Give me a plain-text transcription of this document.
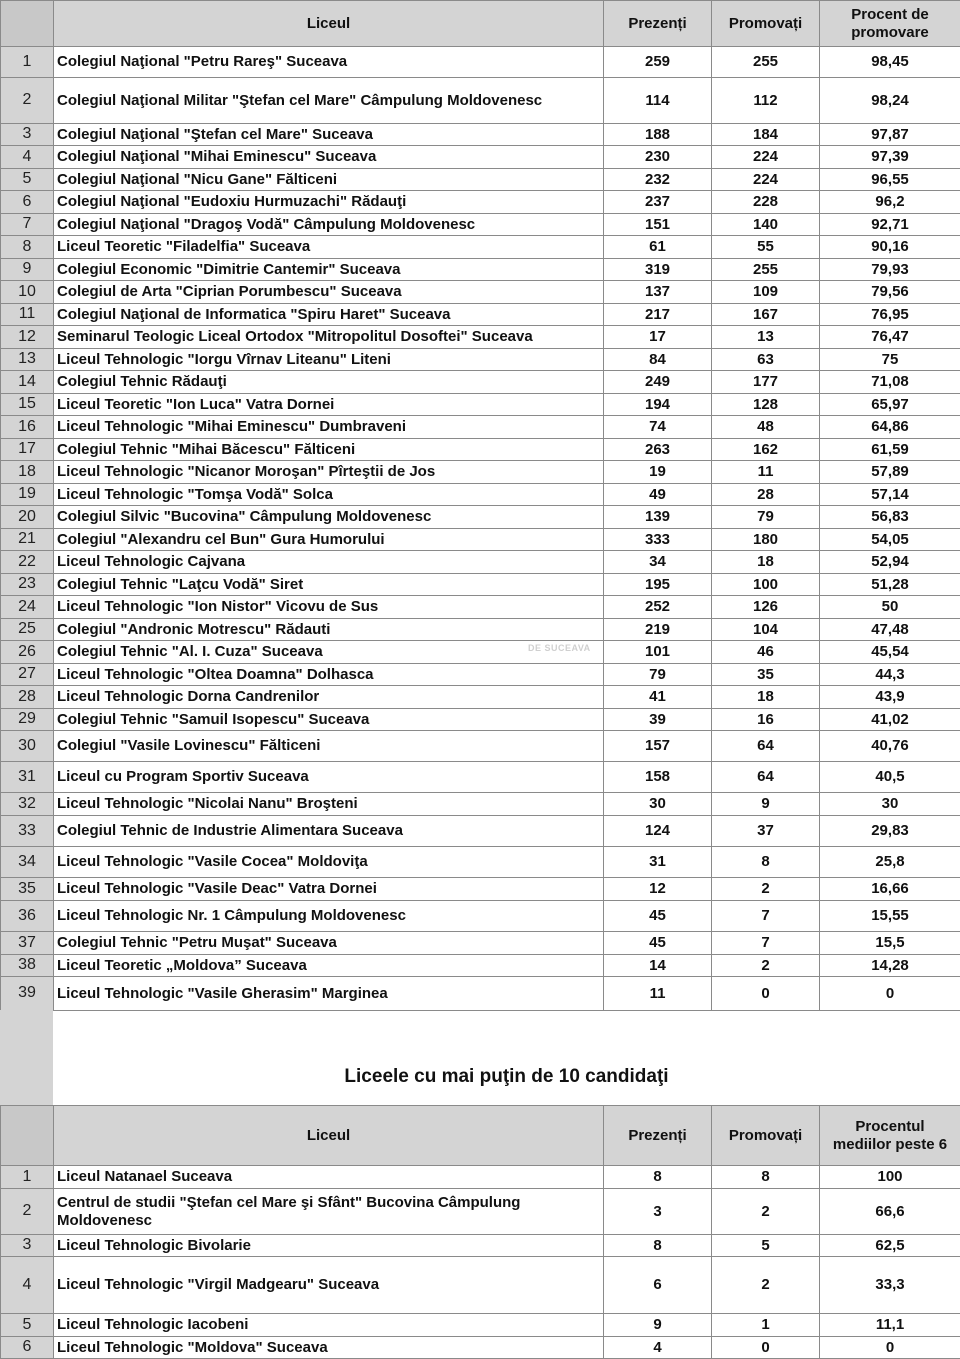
	Liceul	Prezenți	Promovați	Procent de
promovare
1	Colegiul Naţional "Petru Rareş" Suceava	259	255	98,45
2	Colegiul Naţional Militar "Ştefan cel Mare" Câmpulung Moldovenesc	114	112	98,24
3	Colegiul Naţional "Ştefan cel Mare" Suceava	188	184	97,87
4	Colegiul Naţional "Mihai Eminescu" Suceava	230	224	97,39
5	Colegiul Naţional "Nicu Gane" Fălticeni	232	224	96,55
6	Colegiul Naţional "Eudoxiu Hurmuzachi" Rădauţi	237	228	96,2
7	Colegiul Naţional "Dragoş Vodă" Câmpulung Moldovenesc	151	140	92,71
8	Liceul Teoretic "Filadelfia" Suceava	61	55	90,16
9	Colegiul Economic "Dimitrie Cantemir" Suceava	319	255	79,93
10	Colegiul de Arta "Ciprian Porumbescu" Suceava	137	109	79,56
11	Colegiul Naţional de Informatica "Spiru Haret" Suceava	217	167	76,95
12	Seminarul Teologic Liceal Ortodox "Mitropolitul Dosoftei" Suceava	17	13	76,47
13	Liceul Tehnologic "Iorgu Vîrnav Liteanu" Liteni	84	63	75
14	Colegiul Tehnic Rădauţi	249	177	71,08
15	Liceul Teoretic "Ion Luca" Vatra Dornei	194	128	65,97
16	Liceul Tehnologic "Mihai Eminescu" Dumbraveni	74	48	64,86
17	Colegiul Tehnic "Mihai Băcescu" Fălticeni	263	162	61,59
18	Liceul Tehnologic "Nicanor Moroşan" Pîrteştii de Jos	19	11	57,89
19	Liceul Tehnologic "Tomşa Vodă" Solca	49	28	57,14
20	Colegiul Silvic "Bucovina" Câmpulung Moldovenesc	139	79	56,83
21	Colegiul "Alexandru cel Bun" Gura Humorului	333	180	54,05
22	Liceul Tehnologic Cajvana	34	18	52,94
23	Colegiul Tehnic "Laţcu Vodă" Siret	195	100	51,28
24	Liceul Tehnologic "Ion Nistor" Vicovu de Sus	252	126	50
25	Colegiul "Andronic Motrescu" Rădauti	219	104	47,48
26	Colegiul Tehnic "Al. I. Cuza" Suceava	101	46	45,54
27	Liceul Tehnologic "Oltea Doamna" Dolhasca	79	35	44,3
28	Liceul Tehnologic Dorna Candrenilor	41	18	43,9
29	Colegiul Tehnic "Samuil Isopescu" Suceava	39	16	41,02
30	Colegiul "Vasile Lovinescu" Fălticeni	157	64	40,76
31	Liceul cu Program Sportiv Suceava	158	64	40,5
32	Liceul Tehnologic "Nicolai Nanu" Broşteni	30	9	30
33	Colegiul Tehnic de Industrie Alimentara Suceava	124	37	29,83
34	Liceul Tehnologic "Vasile Cocea" Moldoviţa	31	8	25,8
35	Liceul Tehnologic "Vasile Deac" Vatra Dornei	12	2	16,66
36	Liceul Tehnologic Nr. 1 Câmpulung Moldovenesc	45	7	15,55
37	Colegiul Tehnic "Petru Muşat" Suceava	45	7	15,5
38	Liceul Teoretic „Moldova” Suceava	14	2	14,28
39	Liceul Tehnologic "Vasile Gherasim" Marginea	11	0	0
Liceele cu mai puţin de 10 candidaţi
	Liceul	Prezenți	Promovați	Procentul
mediilor peste 6
1	Liceul Natanael Suceava	8	8	100
2	Centrul de studii "Ştefan cel Mare şi Sfânt" Bucovina Câmpulung Moldovenesc	3	2	66,6
3	Liceul Tehnologic Bivolarie	8	5	62,5
4	Liceul Tehnologic "Virgil Madgearu" Suceava	6	2	33,3
5	Liceul Tehnologic Iacobeni	9	1	11,1
6	Liceul Tehnologic "Moldova" Suceava	4	0	0
DE SUCEAVA
